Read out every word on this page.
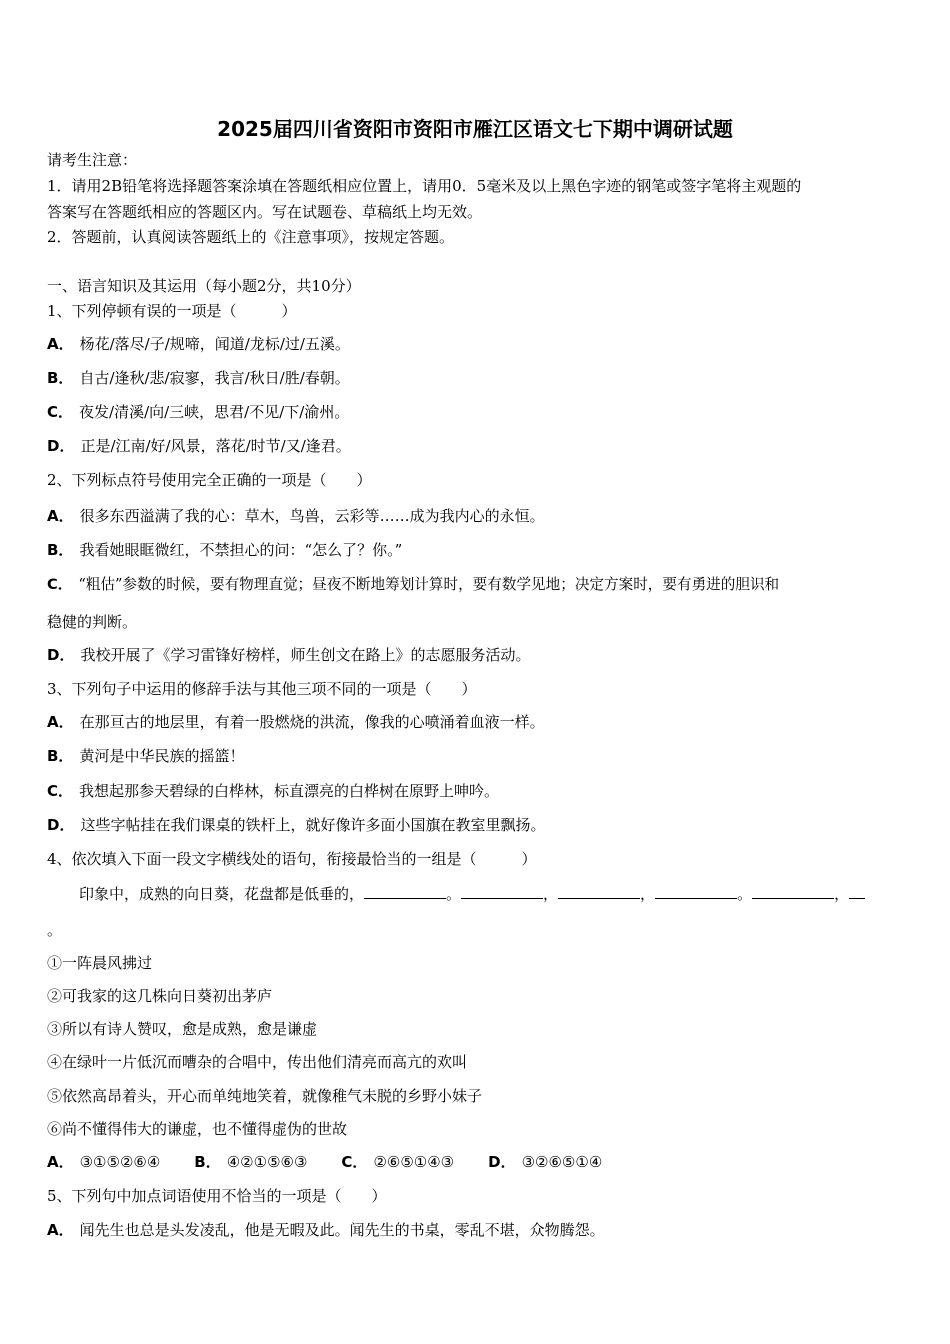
2025届四川省资阳市资阳市雁江区语文七下期中调研试题
请考生注意：
1．请用2B铅笔将选择题答案涂填在答题纸相应位置上，请用0．5毫米及以上黑色字迹的钢笔或签字笔将主观题的
答案写在答题纸相应的答题区内。写在试题卷、草稿纸上均无效。
2．答题前，认真阅读答题纸上的《注意事项》，按规定答题。
一、语言知识及其运用（每小题2分，共10分）
1、下列停顿有误的一项是（　　　）
A． 杨花/落尽/子/规啼，闻道/龙标/过/五溪。
B． 自古/逢秋/悲/寂寥，我言/秋日/胜/春朝。
C． 夜发/清溪/向/三峡，思君/不见/下/渝州。
D． 正是/江南/好/风景，落花/时节/又/逢君。
2、下列标点符号使用完全正确的一项是（　　）
A． 很多东西溢满了我的心：草木，鸟兽，云彩等……成为我内心的永恒。
B． 我看她眼眶微红，不禁担心的问：“怎么了？你。”
C． “粗估”参数的时候，要有物理直觉；昼夜不断地筹划计算时，要有数学见地；决定方案时，要有勇进的胆识和
稳健的判断。
D． 我校开展了《学习雷锋好榜样，师生创文在路上》的志愿服务活动。
3、下列句子中运用的修辞手法与其他三项不同的一项是（　　）
A． 在那亘古的地层里，有着一股燃烧的洪流，像我的心喷涌着血液一样。
B． 黄河是中华民族的摇篮！
C． 我想起那参天碧绿的白桦林，标直漂亮的白桦树在原野上呻吟。
D． 这些字帖挂在我们课桌的铁杆上，就好像许多面小国旗在教室里飘扬。
4、依次填入下面一段文字横线处的语句，衔接最恰当的一组是（　　　）
印象中，成熟的向日葵，花盘都是低垂的，	。	，	，	。	，
。
①一阵晨风拂过
②可我家的这几株向日葵初出茅庐
③所以有诗人赞叹，愈是成熟，愈是谦虚
④在绿叶一片低沉而嘈杂的合唱中，传出他们清亮而高亢的欢叫
⑤依然高昂着头，开心而单纯地笑着，就像稚气未脱的乡野小妹子
⑥尚不懂得伟大的谦虚，也不懂得虚伪的世故
A． ③①⑤②⑥④ B． ④②①⑤⑥③ C． ②⑥⑤①④③ D． ③②⑥⑤①④
5、下列句中加点词语使用不恰当的一项是（　　）
A． 闻先生也总是头发凌乱，他是无暇及此。闻先生的书桌，零乱不堪，众物腾怨。
